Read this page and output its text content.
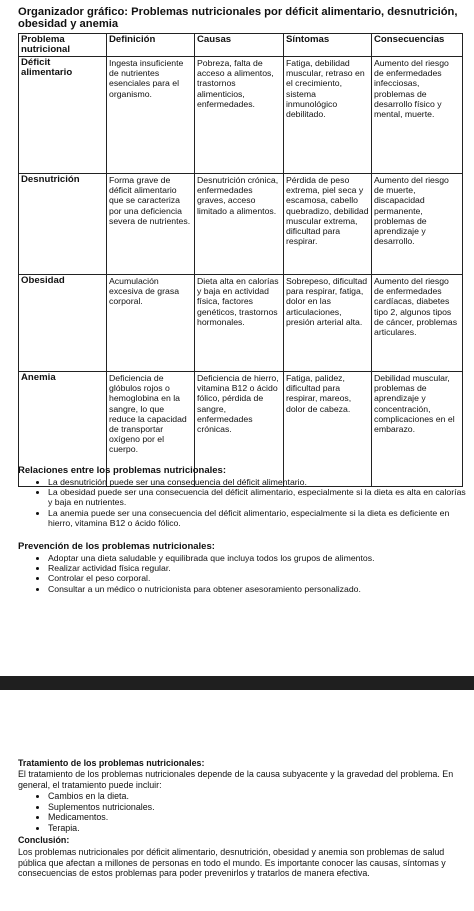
Organizador gráfico: Problemas nutricionales por déficit alimentario, desnutrición, obesidad y anemia
Problema nutricional	Definición	Causas	Síntomas	Consecuencias
Déficit alimentario	Ingesta insuficiente de nutrientes esenciales para el organismo.	Pobreza, falta de acceso a alimentos, trastornos alimenticios, enfermedades.	Fatiga, debilidad muscular, retraso en el crecimiento, sistema inmunológico debilitado.	Aumento del riesgo de enfermedades infecciosas, problemas de desarrollo físico y mental, muerte.
Desnutrición	Forma grave de déficit alimentario que se caracteriza por una deficiencia severa de nutrientes.	Desnutrición crónica, enfermedades graves, acceso limitado a alimentos.	Pérdida de peso extrema, piel seca y escamosa, cabello quebradizo, debilidad muscular extrema, dificultad para respirar.	Aumento del riesgo de muerte, discapacidad permanente, problemas de aprendizaje y desarrollo.
Obesidad	Acumulación excesiva de grasa corporal.	Dieta alta en calorías y baja en actividad física, factores genéticos, trastornos hormonales.	Sobrepeso, dificultad para respirar, fatiga, dolor en las articulaciones, presión arterial alta.	Aumento del riesgo de enfermedades cardíacas, diabetes tipo 2, algunos tipos de cáncer, problemas articulares.
Anemia	Deficiencia de glóbulos rojos o hemoglobina en la sangre, lo que reduce la capacidad de transportar oxígeno por el cuerpo.	Deficiencia de hierro, vitamina B12 o ácido fólico, pérdida de sangre, enfermedades crónicas.	Fatiga, palidez, dificultad para respirar, mareos, dolor de cabeza.	Debilidad muscular, problemas de aprendizaje y concentración, complicaciones en el embarazo.
Relaciones entre los problemas nutricionales:
• La desnutrición puede ser una consecuencia del déficit alimentario.
• La obesidad puede ser una consecuencia del déficit alimentario, especialmente si la dieta es alta en calorías y baja en nutrientes.
• La anemia puede ser una consecuencia del déficit alimentario, especialmente si la dieta es deficiente en hierro, vitamina B12 o ácido fólico.
Prevención de los problemas nutricionales:
• Adoptar una dieta saludable y equilibrada que incluya todos los grupos de alimentos.
• Realizar actividad física regular.
• Controlar el peso corporal.
• Consultar a un médico o nutricionista para obtener asesoramiento personalizado.
Tratamiento de los problemas nutricionales:
El tratamiento de los problemas nutricionales depende de la causa subyacente y la gravedad del problema. En general, el tratamiento puede incluir:
• Cambios en la dieta.
• Suplementos nutricionales.
• Medicamentos.
• Terapia.
Conclusión:
Los problemas nutricionales por déficit alimentario, desnutrición, obesidad y anemia son problemas de salud pública que afectan a millones de personas en todo el mundo. Es importante conocer las causas, síntomas y consecuencias de estos problemas para poder prevenirlos y tratarlos de manera efectiva.
